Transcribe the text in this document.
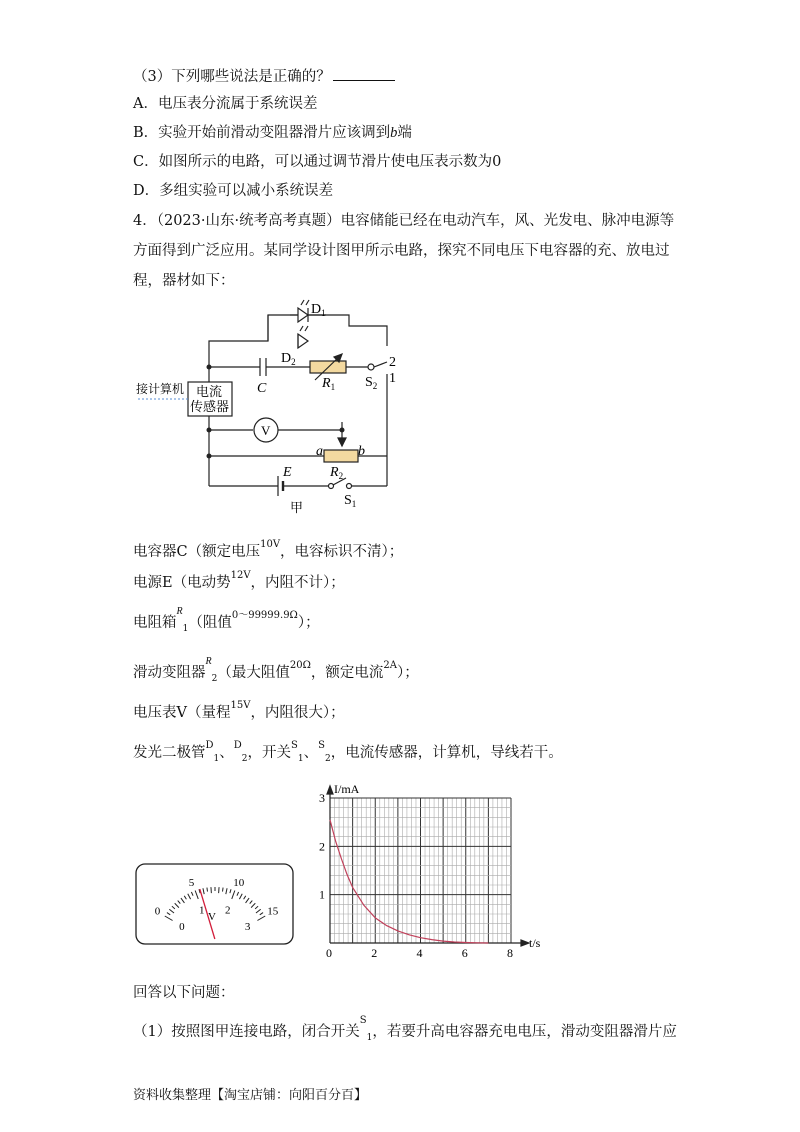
（3）下列哪些说法是正确的？
A．电压表分流属于系统误差
B．实验开始前滑动变阻器滑片应该调到b端
C．如图所示的电路，可以通过调节滑片使电压表示数为0
D．多组实验可以减小系统误差
4．（2023·山东·统考高考真题）电容储能已经在电动汽车，风、光发电、脉冲电源等
方面得到广泛应用。某同学设计图甲所示电路，探究不同电压下电容器的充、放电过
程，器材如下：
接计算机 电流
传感器
$D_1$
$D_2$
C	$R_1$ $S_2$
2
1
V
a	b
$R_2$
E
$S_1$
甲
电容器C（额定电压$^{10V}$，电容标识不清）；
电源E（电动势$^{12V}$，内阻不计）；
电阻箱$^R_1$（阻值$^{0\sim 99999.9\Omega}$）；
滑动变阻器$^R_2$（最大阻值$^{20\Omega}$，额定电流$^{2A}$）；
电压表V（量程$^{15V}$，内阻很大）；
发光二极管$^D_1$、$^D_2$，开关$^S_1$、$^S_2$，电流传感器，计算机，导线若干。
0
5	10
15
0
1 2
3
V
0	2	4	6	8
1
2
3
I/mA
t/s
回答以下问题：
（1）按照图甲连接电路，闭合开关$^S_1$，若要升高电容器充电电压，滑动变阻器滑片应
资料收集整理【淘宝店铺：向阳百分百】
